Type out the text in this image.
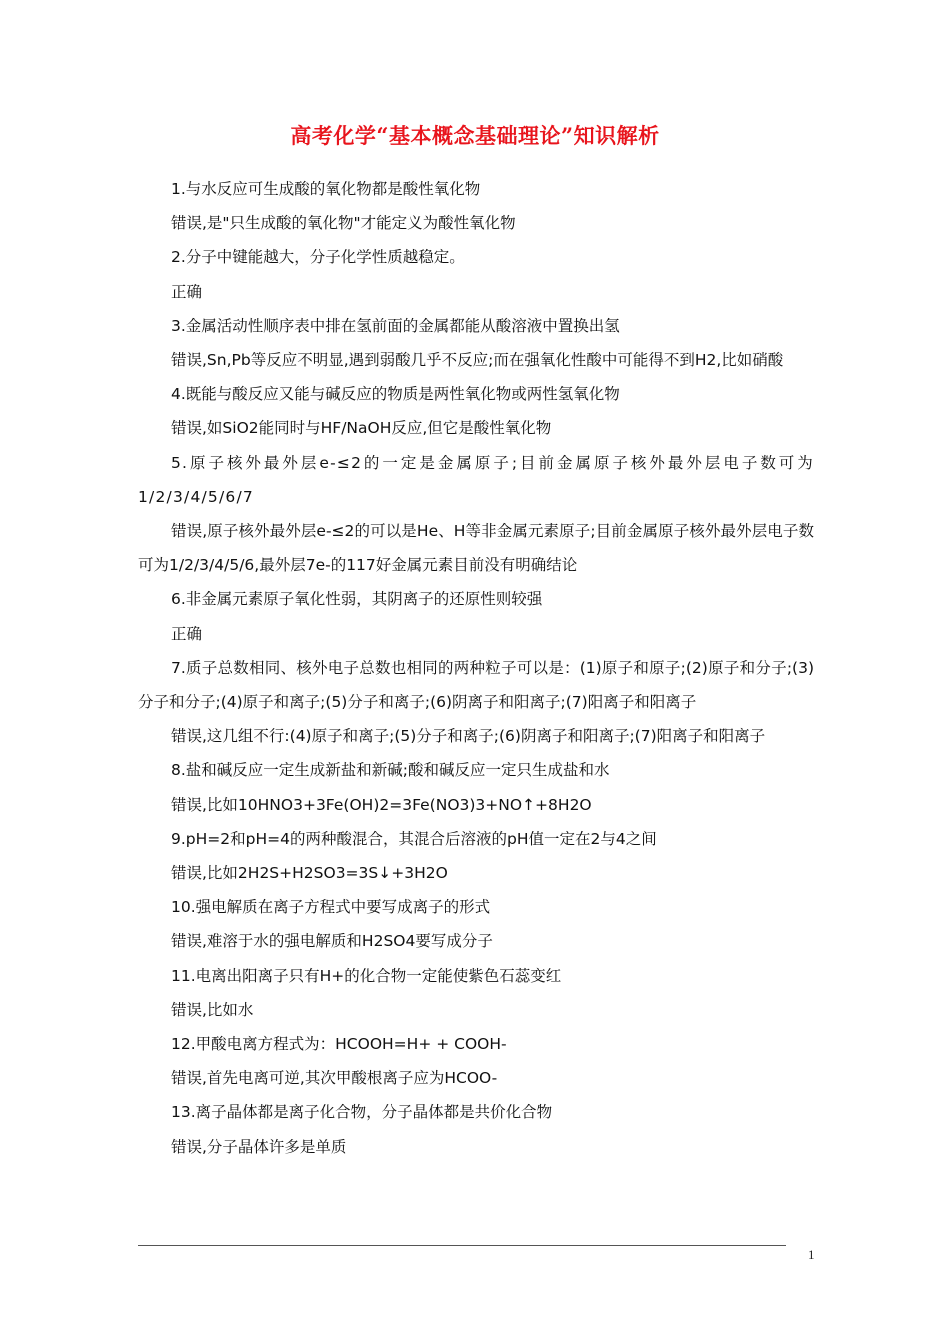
高考化学“基本概念基础理论”知识解析

1.与水反应可生成酸的氧化物都是酸性氧化物

错误,是"只生成酸的氧化物"才能定义为酸性氧化物

2.分子中键能越大，分子化学性质越稳定。

正确

3.金属活动性顺序表中排在氢前面的金属都能从酸溶液中置换出氢

错误,Sn,Pb等反应不明显,遇到弱酸几乎不反应;而在强氧化性酸中可能得不到H2,比如硝酸

4.既能与酸反应又能与碱反应的物质是两性氧化物或两性氢氧化物

错误,如SiO2能同时与HF/NaOH反应,但它是酸性氧化物

5.原子核外最外层e-≤2的一定是金属原子;目前金属原子核外最外层电子数可为1/2/3/4/5/6/7

错误,原子核外最外层e-≤2的可以是He、H等非金属元素原子;目前金属原子核外最外层电子数可为1/2/3/4/5/6,最外层7e-的117好金属元素目前没有明确结论

6.非金属元素原子氧化性弱，其阴离子的还原性则较强

正确

7.质子总数相同、核外电子总数也相同的两种粒子可以是：(1)原子和原子;(2)原子和分子;(3)分子和分子;(4)原子和离子;(5)分子和离子;(6)阴离子和阳离子;(7)阳离子和阳离子

错误,这几组不行:(4)原子和离子;(5)分子和离子;(6)阴离子和阳离子;(7)阳离子和阳离子

8.盐和碱反应一定生成新盐和新碱;酸和碱反应一定只生成盐和水

错误,比如10HNO3+3Fe(OH)2=3Fe(NO3)3+NO↑+8H2O

9.pH=2和pH=4的两种酸混合，其混合后溶液的pH值一定在2与4之间

错误,比如2H2S+H2SO3=3S↓+3H2O

10.强电解质在离子方程式中要写成离子的形式

错误,难溶于水的强电解质和H2SO4要写成分子

11.电离出阳离子只有H+的化合物一定能使紫色石蕊变红

错误,比如水

12.甲酸电离方程式为：HCOOH=H+ + COOH-

错误,首先电离可逆,其次甲酸根离子应为HCOO-

13.离子晶体都是离子化合物，分子晶体都是共价化合物

错误,分子晶体许多是单质

1
